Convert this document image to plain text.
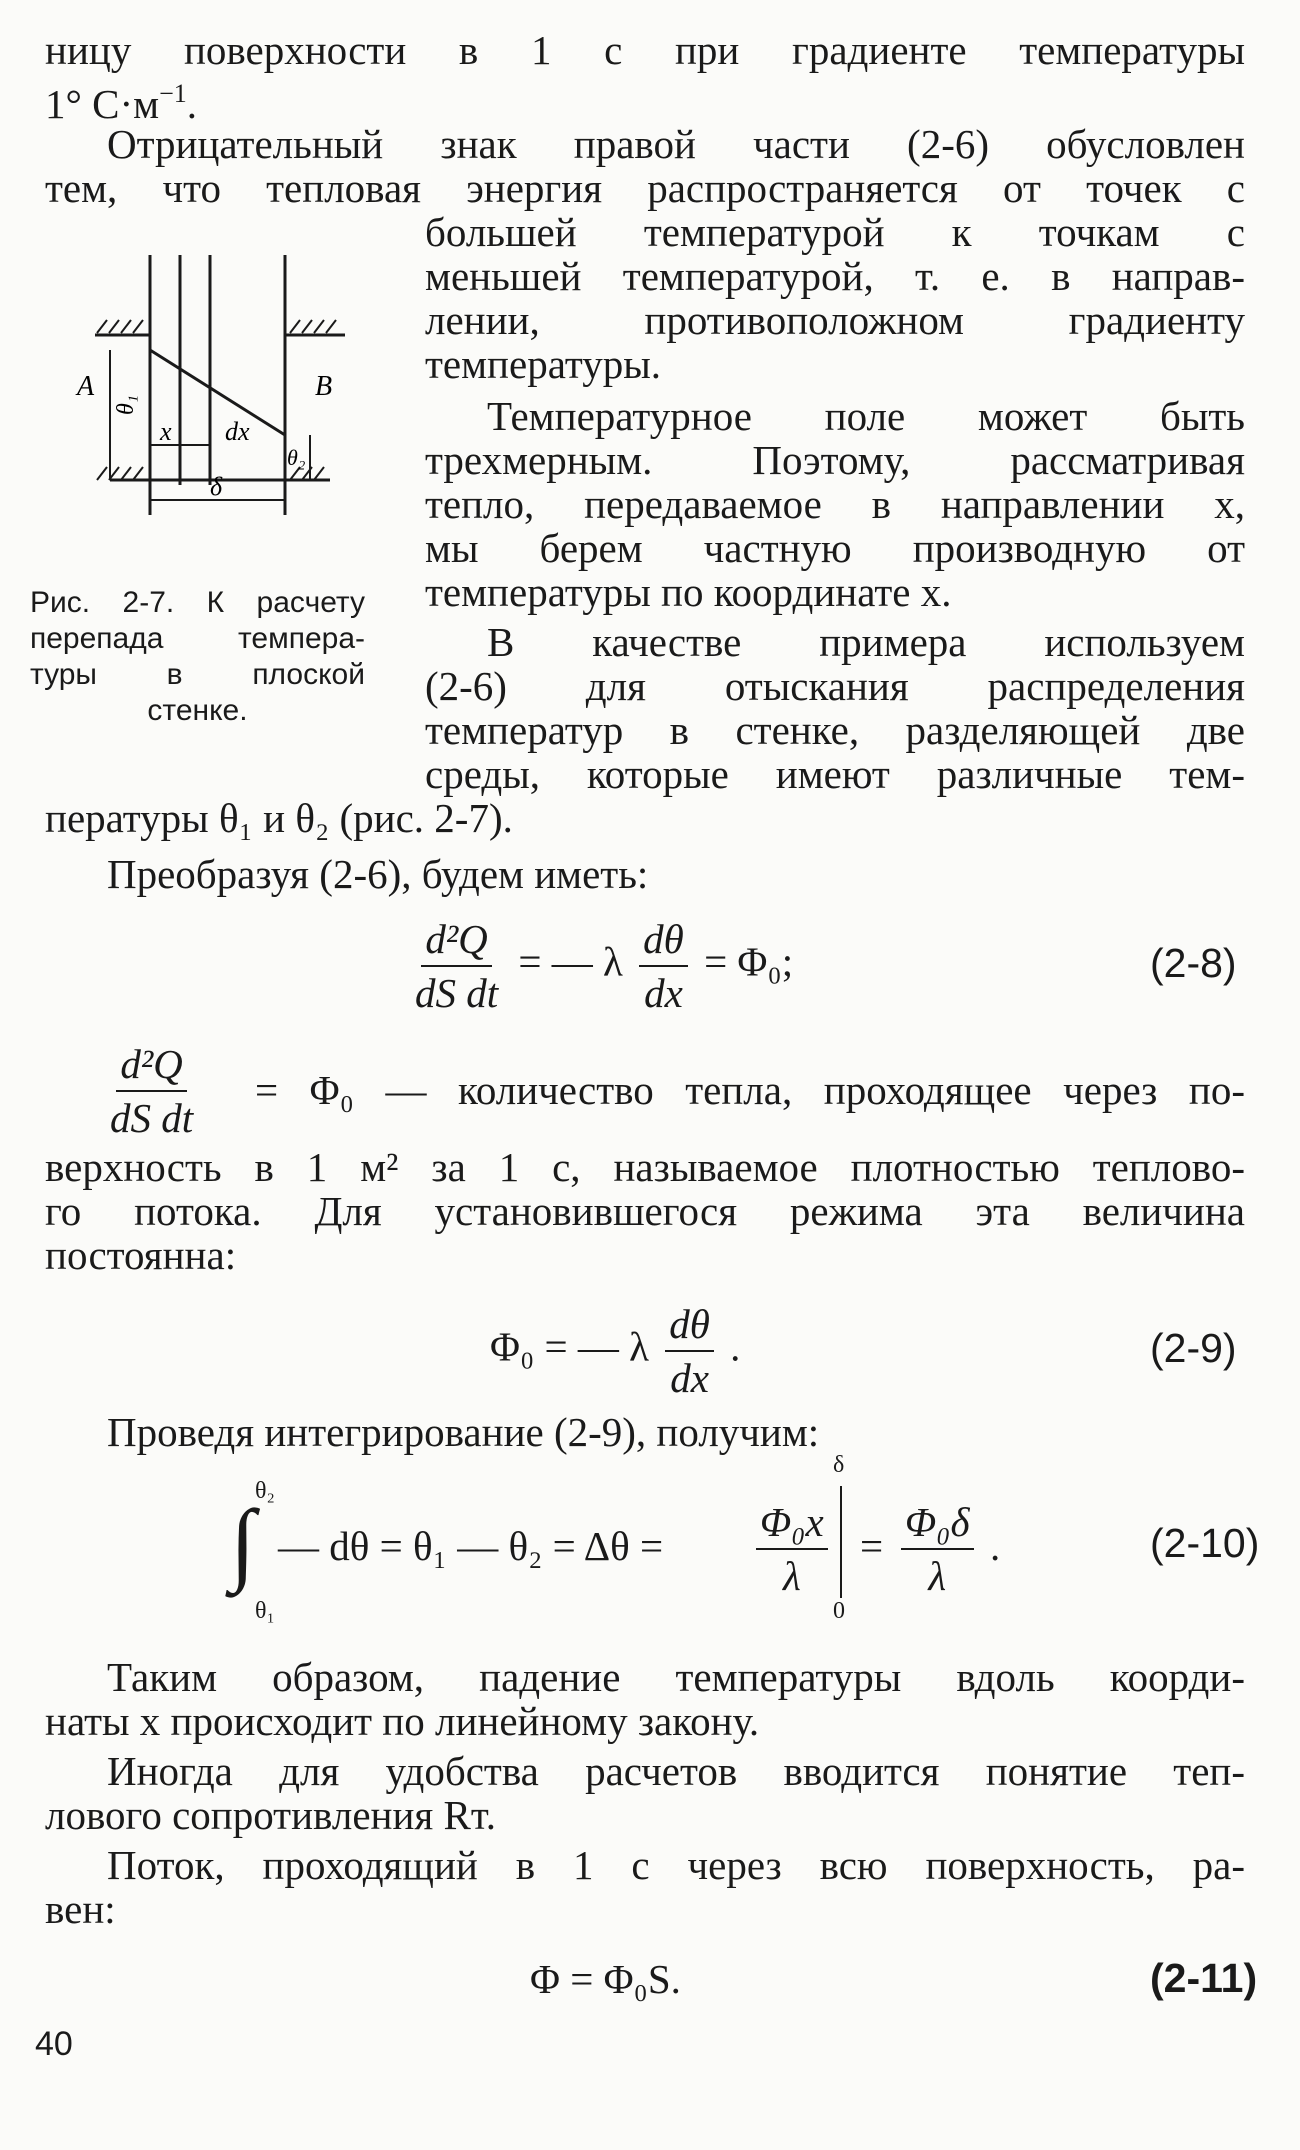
ницу поверхности в 1 с при градиенте температуры

1° $С\cdot м^{-1}$.

Отрицательный знак правой части (2-6) обусловлен

тем, что тепловая энергия распространяется от точек с

большей температурой к точкам с

меньшей температурой, т. е. в направ-

лении, противоположном градиенту

температуры.

Температурное поле может быть

трехмерным. Поэтому, рассматривая

тепло, передаваемое в направлении x,

мы берем частную производную от

температуры по координате x.

В качестве примера используем

(2-6) для отыскания распределения

температур в стенке, разделяющей две

среды, которые имеют различные тем-

пературы θ₁ и θ₂ (рис. 2-7).

A	B
θ₁
θ₂
x dx
δ
Рис. 2-7. К расчету
перепада темпера-
туры в плоской
стенке.

Преобразуя (2-6), будем иметь:

$\frac{\text{d²Q}}{\text{dS dt}}$ = — λ $\frac{d\theta}{dx} = \Phi_0$;	(2-8)
$\frac{\text{d²Q}}{\text{dS dt}} = \Phi_0$ — количество тепла, проходящее через по-

верхность в 1 м² за 1 с, называемое плотностью теплово-

го потока. Для установившегося режима эта величина

постоянна:

Φ₀ = — λ $\frac{d\theta}{dx}$ .	(2-9)

Проведя интегрирование (2-9), получим:

θ₂
∫
θ₁
— dθ = θ₁ — $\theta_2 = \Delta\theta = \frac{\text{Φ₀x}}{\lambda}$
δ
0
= $\frac{\text{Φ₀δ}}{\lambda}$ .	(2-10)

Таким образом, падение температуры вдоль коорди-

наты x происходит по линейному закону.

Иногда для удобства расчетов вводится понятие теп-

лового сопротивления Rт.

Поток, проходящий в 1 с через всю поверхность, ра-

вен:

Φ = Φ₀S.	(2-11)
40
